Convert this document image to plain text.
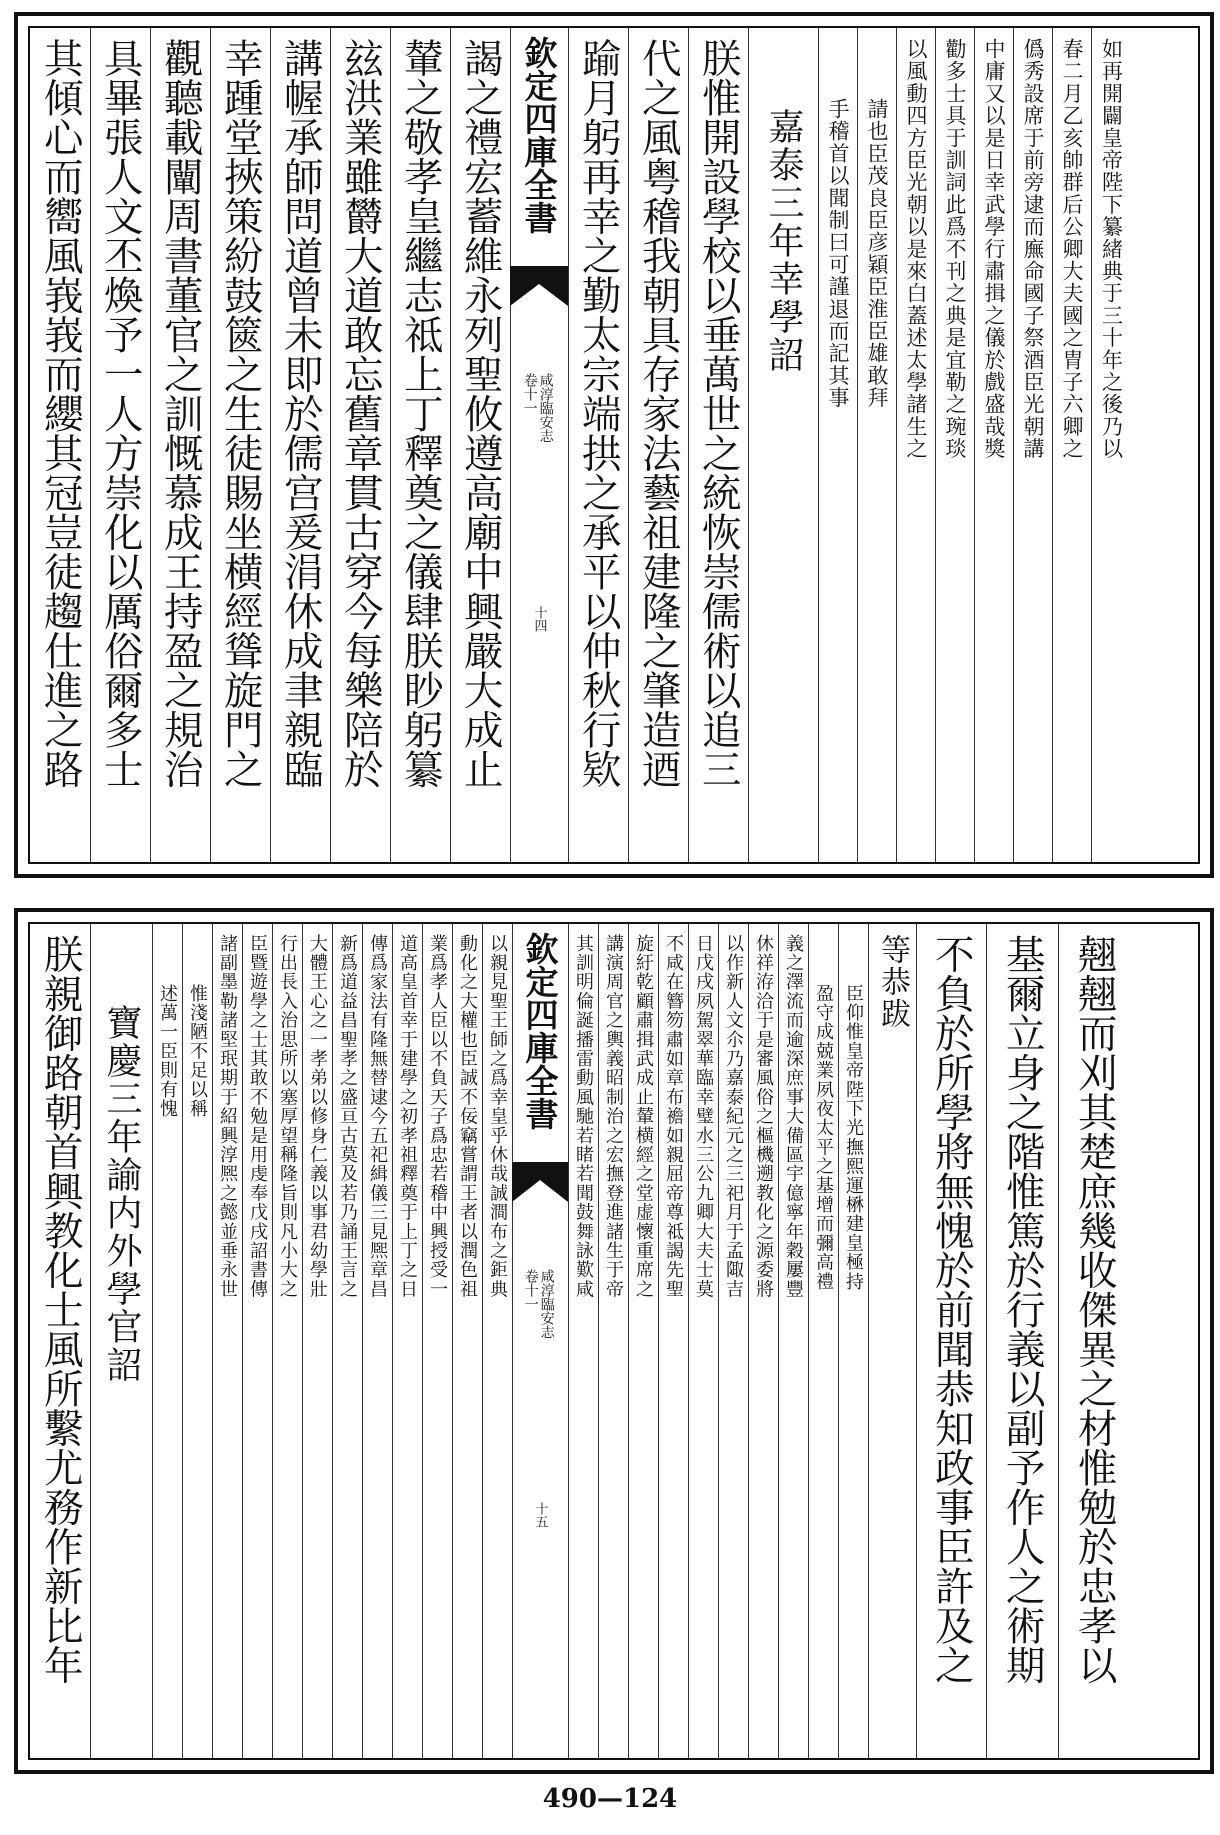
其傾心而嚮風峩峩而纓其冠豈徒趨仕進之路 具畢張人文丕煥予一人方崇化以厲俗爾多士 觀聽載闡周書董官之訓慨慕成王持盈之規治 幸踵堂挾策紛鼓篋之生徒賜坐横經聳旋門之 講幄承師問道曾未即於儒宫爰涓休成聿親臨 玆洪業雖欝大道敢忘舊章貫古穿今每樂陪於 輦之敬孝皇繼志祗上丁釋奠之儀肆朕眇躬纂 謁之禮宏蓄維永列聖攸遵高廟中興嚴大成止 欽定四庫全書
咸淳臨安志
卷十一
十四 踰月躬再幸之勤太宗端拱之承平以仲秋行欵 代之風粤稽我朝具存家法藝祖建隆之肇造迺 朕惟開設學校以垂萬世之統恢崇儒術以追三 嘉泰三年幸學詔 手稽首以聞制曰可謹退而記其事 請也臣茂良臣彦穎臣淮臣雄敢拜 以風動四方臣光朝以是來白蓋述太學諸生之 勸多士具于訓詞此爲不刊之典是宜勒之琬琰 中庸又以是日幸武學行肅揖之儀於戲盛哉獎 僞秀設席于前旁逮而廡命國子祭酒臣光朝講 春二月乙亥帥群后公卿大夫國之胄子六卿之 如再開闢皇帝陛下纂緒典于三十年之後乃以
朕親御路朝首興教化士風所繫尤務作新比年 寶慶三年諭内外學官詔 述萬一臣則有愧 惟淺陋不足以稱 諸副墨勒諸堅珉期于紹興淳熈之懿並垂永世 臣暨遊學之士其敢不勉是用虔奉戊戌詔書傳 行出長入治思所以塞厚望稱隆旨則凡小大之 大體王心之一孝弟以修身仁義以事君幼學壯 新爲道益昌聖孝之盛亘古莫及若乃誦王言之 傳爲家法有隆無替逮今五祀緝儀三見熈章昌 道高皇首幸于建學之初孝祖釋奠于上丁之日 業爲孝人臣以不負天子爲忠若稽中興授受一 動化之大權也臣誠不佞竊嘗謂王者以潤色祖 以親見聖王師之爲幸皇乎休哉誠澗布之鉅典 欽定四庫全書
咸淳臨安志
卷十一
十五
其訓明倫誕播雷動風馳若睹若聞鼓舞詠歎咸 講演周官之輿義昭制治之宏撫登進諸生于帝 旋紆乾顧肅揖武成止輦横經之堂虚懷重席之 不咸在簪笏肅如章布襜如親屈帝尊祗謁先聖 日戊戌夙駕翠華臨幸璧水三公九卿大夫士莫 以作新人文尒乃嘉泰紀元之三祀月于孟陬吉 休祥洊洽于是審風俗之樞機遡教化之源委將 義之澤流而逾深庶事大備區宇億寧年穀屢豐 盈守成兢業夙夜太平之基增而彌高禮 臣仰惟皇帝陛下光撫熙運楙建皇極持
等恭跋 不負於所學將無愧於前聞恭知政事臣許及之 基爾立身之階惟篤於行義以副予作人之術期 翹翹而刈其楚庶幾收傑異之材惟勉於忠孝以
490—124
